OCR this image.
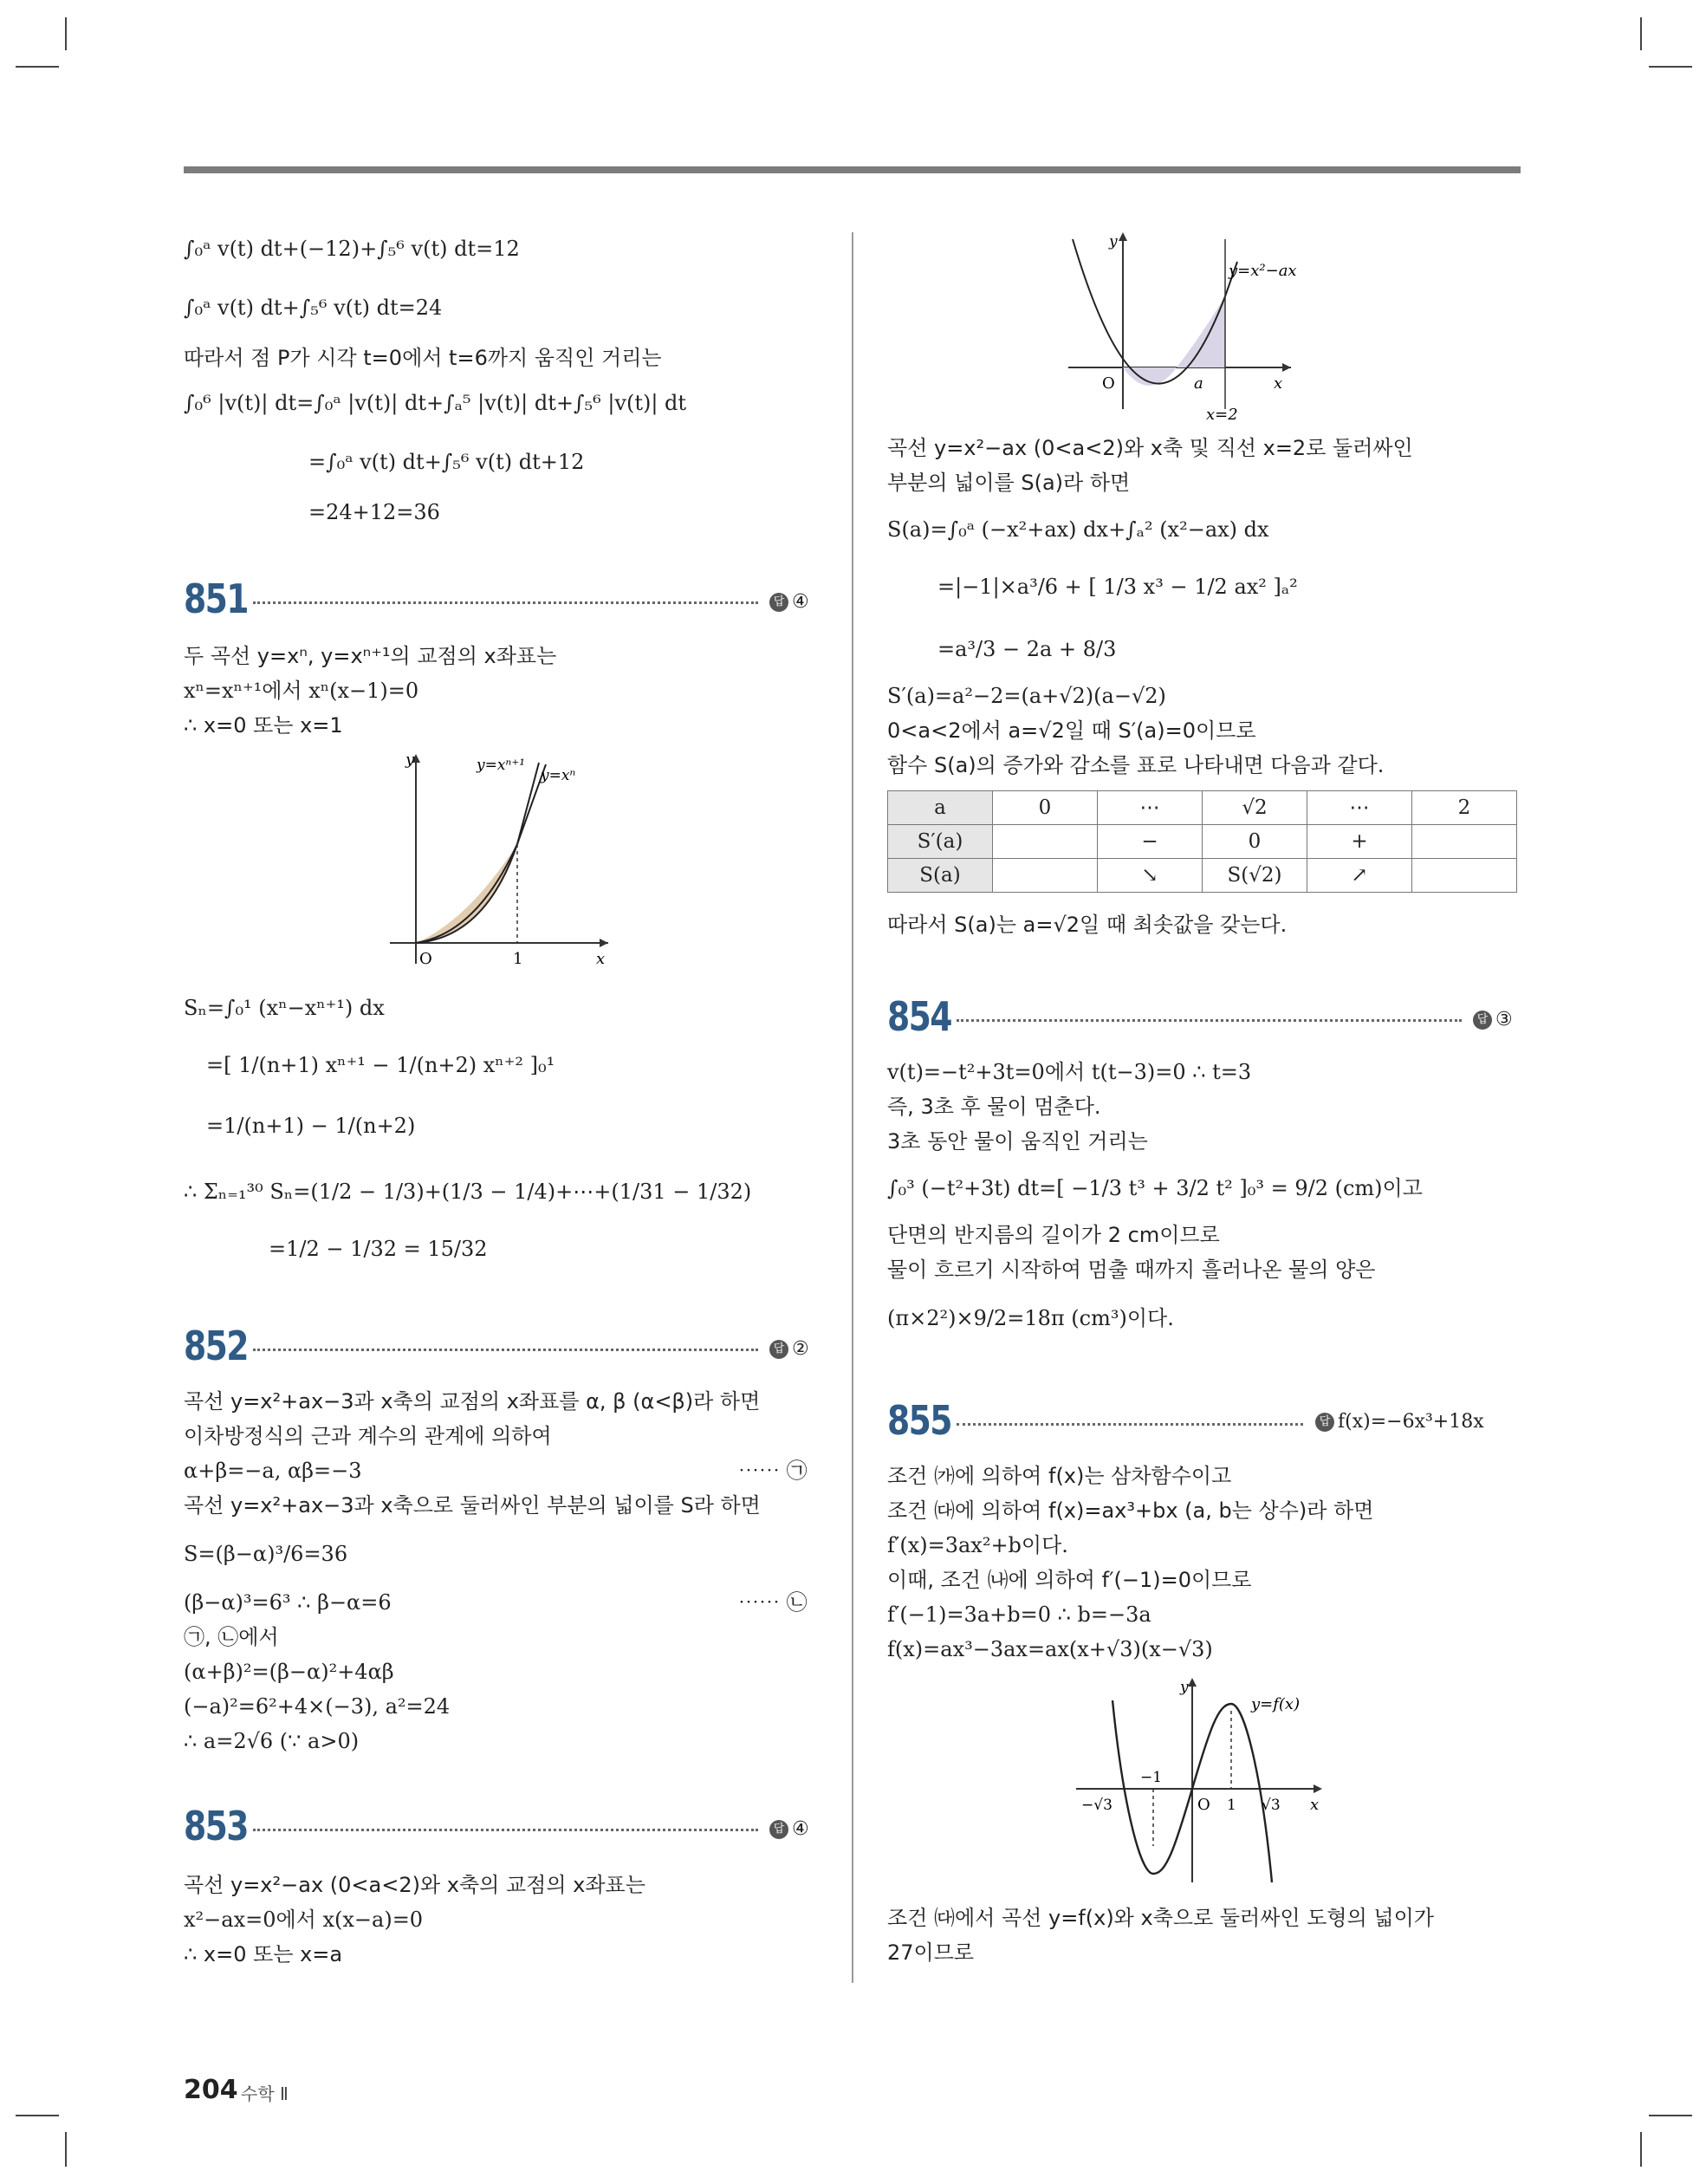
∫₀ᵃ v(t) dt+(−12)+∫₅⁶ v(t) dt=12
∫₀ᵃ v(t) dt+∫₅⁶ v(t) dt=24
따라서 점 P가 시각 t=0에서 t=6까지 움직인 거리는
∫₀⁶ |v(t)| dt=∫₀ᵃ |v(t)| dt+∫ₐ⁵ |v(t)| dt+∫₅⁶ |v(t)| dt
=∫₀ᵃ v(t) dt+∫₅⁶ v(t) dt+12
=24+12=36
851	답 ④
두 곡선 y=xⁿ, y=xⁿ⁺¹의 교점의 x좌표는
xⁿ=xⁿ⁺¹에서 xⁿ(x−1)=0
∴ x=0 또는 x=1
y
x
O	1
y=xⁿ⁺¹
y=xⁿ
Sₙ=∫₀¹ (xⁿ−xⁿ⁺¹) dx
=[ 1/(n+1) xⁿ⁺¹ − 1/(n+2) xⁿ⁺² ]₀¹
=1/(n+1) − 1/(n+2)
∴ Σₙ₌₁³⁰ Sₙ=(1/2 − 1/3)+(1/3 − 1/4)+⋯+(1/31 − 1/32)
=1/2 − 1/32 = 15/32
852	답 ②
곡선 y=x²+ax−3과 x축의 교점의 x좌표를 α, β (α<β)라 하면
이차방정식의 근과 계수의 관계에 의하여
α+β=−a, αβ=−3	⋯⋯ ㉠
곡선 y=x²+ax−3과 x축으로 둘러싸인 부분의 넓이를 S라 하면
S=(β−α)³/6=36
(β−α)³=6³ ∴ β−α=6	⋯⋯ ㉡
㉠, ㉡에서
(α+β)²=(β−α)²+4αβ
(−a)²=6²+4×(−3), a²=24
∴ a=2√6 (∵ a>0)
853	답 ④
곡선 y=x²−ax (0<a<2)와 x축의 교점의 x좌표는
x²−ax=0에서 x(x−a)=0
∴ x=0 또는 x=a
y
x
O	a
x=2
y=x²−ax
곡선 y=x²−ax (0<a<2)와 x축 및 직선 x=2로 둘러싸인
부분의 넓이를 S(a)라 하면
S(a)=∫₀ᵃ (−x²+ax) dx+∫ₐ² (x²−ax) dx
=|−1|×a³/6 + [ 1/3 x³ − 1/2 ax² ]ₐ²
=a³/3 − 2a + 8/3
S′(a)=a²−2=(a+√2)(a−√2)
0<a<2에서 a=√2일 때 S′(a)=0이므로
함수 S(a)의 증가와 감소를 표로 나타내면 다음과 같다.
a	0	⋯	√2	⋯	2
S′(a)		−	0	+	
S(a)		↘	S(√2)	↗	
따라서 S(a)는 a=√2일 때 최솟값을 갖는다.
854	답 ③
v(t)=−t²+3t=0에서 t(t−3)=0 ∴ t=3
즉, 3초 후 물이 멈춘다.
3초 동안 물이 움직인 거리는
∫₀³ (−t²+3t) dt=[ −1/3 t³ + 3/2 t² ]₀³ = 9/2 (cm)이고
단면의 반지름의 길이가 2 cm이므로
물이 흐르기 시작하여 멈출 때까지 흘러나온 물의 양은
(π×2²)×9/2=18π (cm³)이다.
855	답 f(x)=−6x³+18x
조건 ㈎에 의하여 f(x)는 삼차함수이고
조건 ㈐에 의하여 f(x)=ax³+bx (a, b는 상수)라 하면
f′(x)=3ax²+b이다.
이때, 조건 ㈏에 의하여 f′(−1)=0이므로
f′(−1)=3a+b=0 ∴ b=−3a
f(x)=ax³−3ax=ax(x+√3)(x−√3)
y
x
O
−√3
−1
1 √3
y=f(x)
조건 ㈐에서 곡선 y=f(x)와 x축으로 둘러싸인 도형의 넓이가
27이므로
204 수학 Ⅱ
